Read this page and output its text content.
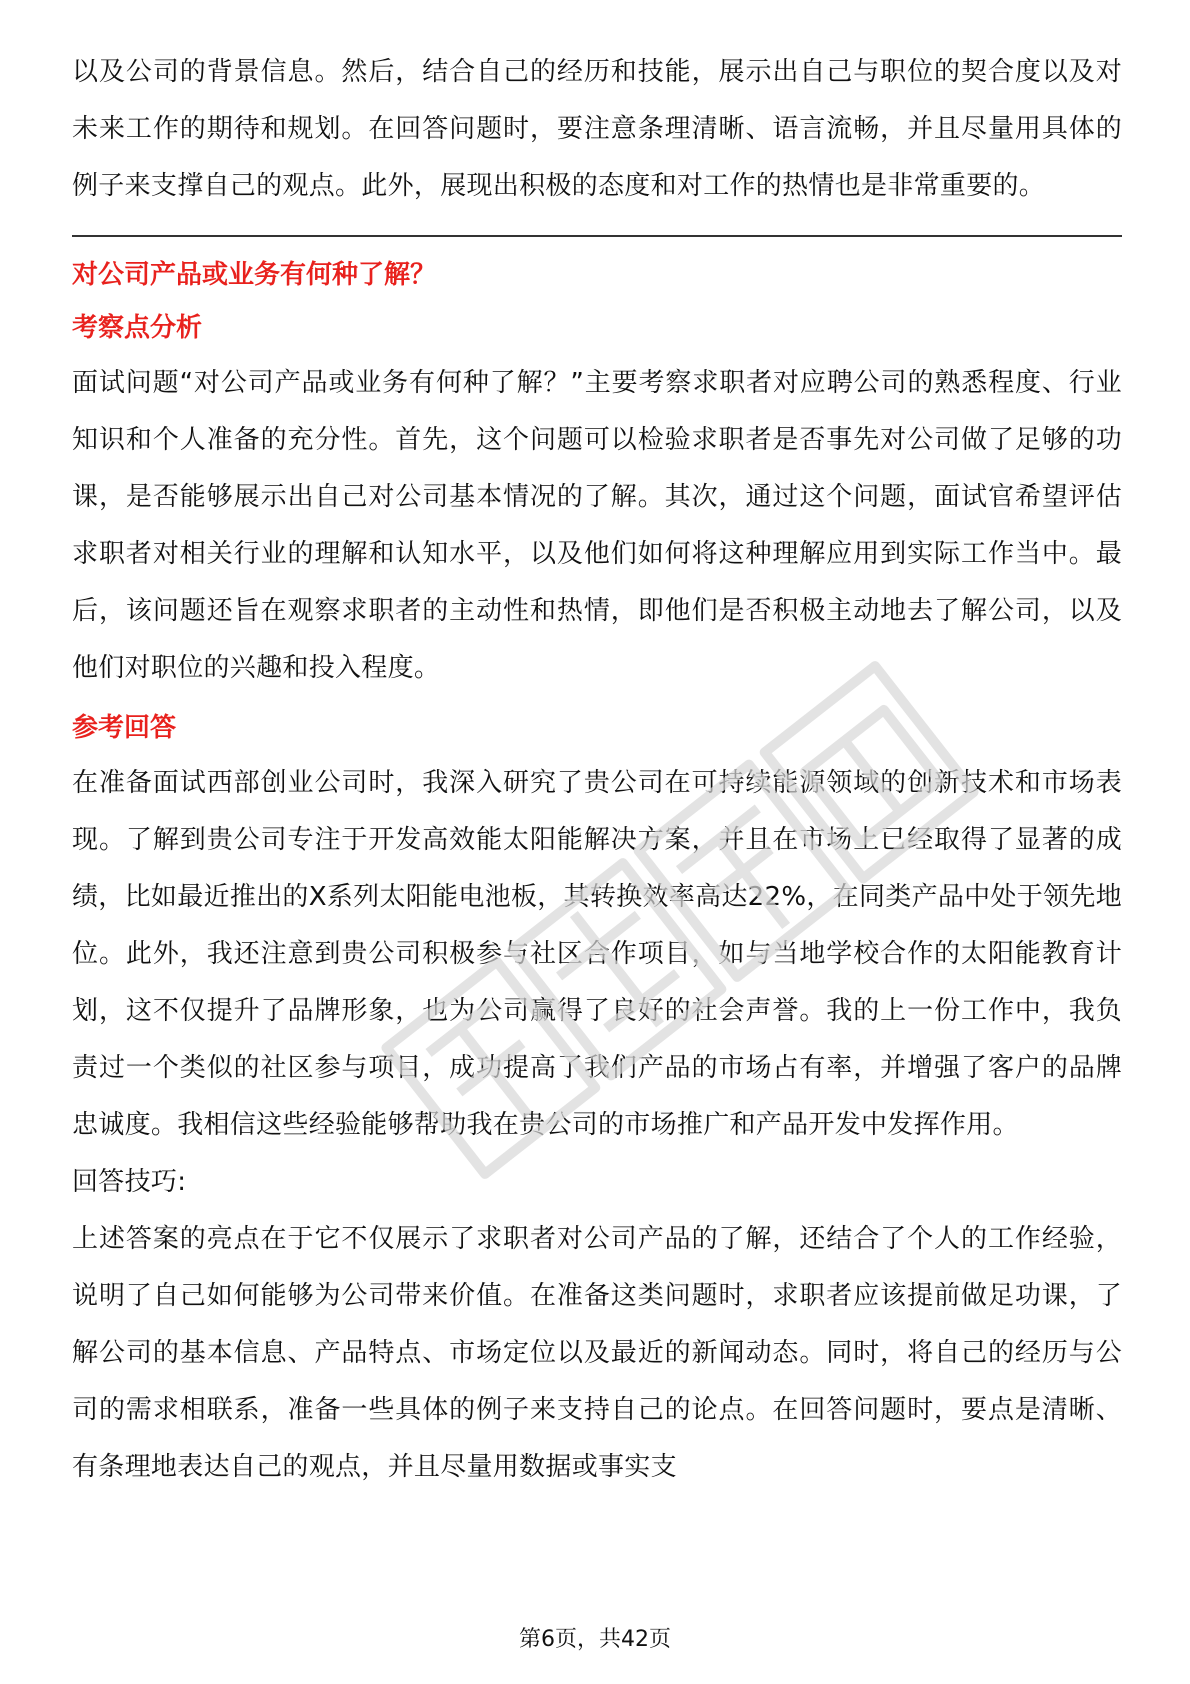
以及公司的背景信息。然后，结合自己的经历和技能，展示出自己与职位的契合度以及对未来工作的期待和规划。在回答问题时，要注意条理清晰、语言流畅，并且尽量用具体的例子来支撑自己的观点。此外，展现出积极的态度和对工作的热情也是非常重要的。

对公司产品或业务有何种了解？

考察点分析

面试问题“对公司产品或业务有何种了解？”主要考察求职者对应聘公司的熟悉程度、行业知识和个人准备的充分性。首先，这个问题可以检验求职者是否事先对公司做了足够的功课，是否能够展示出自己对公司基本情况的了解。其次，通过这个问题，面试官希望评估求职者对相关行业的理解和认知水平，以及他们如何将这种理解应用到实际工作当中。最后，该问题还旨在观察求职者的主动性和热情，即他们是否积极主动地去了解公司，以及他们对职位的兴趣和投入程度。

参考回答

在准备面试西部创业公司时，我深入研究了贵公司在可持续能源领域的创新技术和市场表现。了解到贵公司专注于开发高效能太阳能解决方案，并且在市场上已经取得了显著的成绩，比如最近推出的X系列太阳能电池板，其转换效率高达22%，在同类产品中处于领先地位。此外，我还注意到贵公司积极参与社区合作项目，如与当地学校合作的太阳能教育计划，这不仅提升了品牌形象，也为公司赢得了良好的社会声誉。我的上一份工作中，我负责过一个类似的社区参与项目，成功提高了我们产品的市场占有率，并增强了客户的品牌忠诚度。我相信这些经验能够帮助我在贵公司的市场推广和产品开发中发挥作用。

回答技巧:

上述答案的亮点在于它不仅展示了求职者对公司产品的了解，还结合了个人的工作经验，说明了自己如何能够为公司带来价值。在准备这类问题时，求职者应该提前做足功课，了解公司的基本信息、产品特点、市场定位以及最近的新闻动态。同时，将自己的经历与公司的需求相联系，准备一些具体的例子来支持自己的论点。在回答问题时，要点是清晰、有条理地表达自己的观点，并且尽量用数据或事实支

第6页，共42页
